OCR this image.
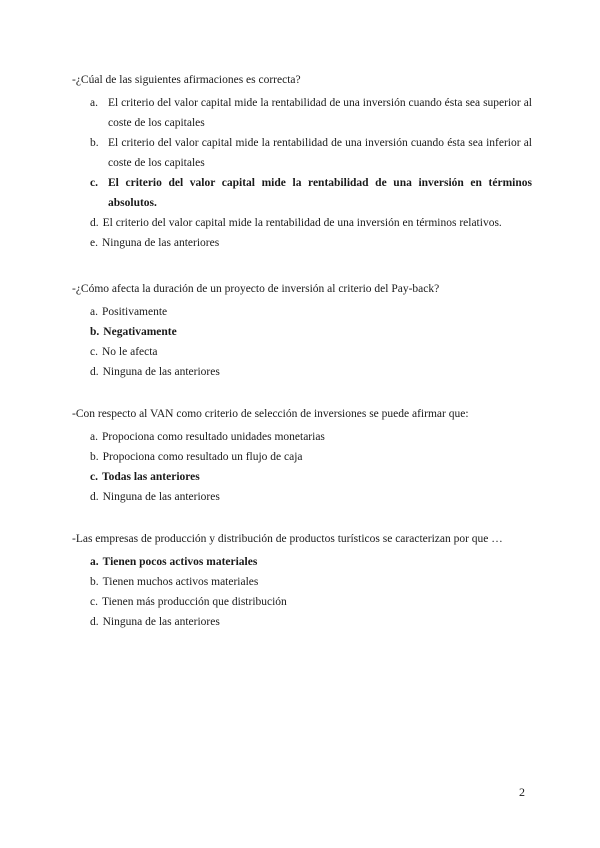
-¿Cúal de las siguientes afirmaciones es correcta?

a. El criterio del valor capital mide la rentabilidad de una inversión cuando ésta sea superior al coste de los capitales
b. El criterio del valor capital mide la rentabilidad de una inversión cuando ésta sea inferior al coste de los capitales
c. El criterio del valor capital mide la rentabilidad de una inversión en términos absolutos.
d. El criterio del valor capital mide la rentabilidad de una inversión en términos relativos.
e. Ninguna de las anteriores

-¿Cómo afecta la duración de un proyecto de inversión al criterio del Pay-back?

a. Positivamente
b. Negativamente
c. No le afecta
d. Ninguna de las anteriores

-Con respecto al VAN como criterio de selección de inversiones se puede afirmar que:

a. Propociona como resultado unidades monetarias
b. Propociona como resultado un flujo de caja
c. Todas las anteriores
d. Ninguna de las anteriores

-Las empresas de producción y distribución de productos turísticos se caracterizan por que …

a. Tienen pocos activos materiales
b. Tienen muchos activos materiales
c. Tienen más producción que distribución
d. Ninguna de las anteriores
2
